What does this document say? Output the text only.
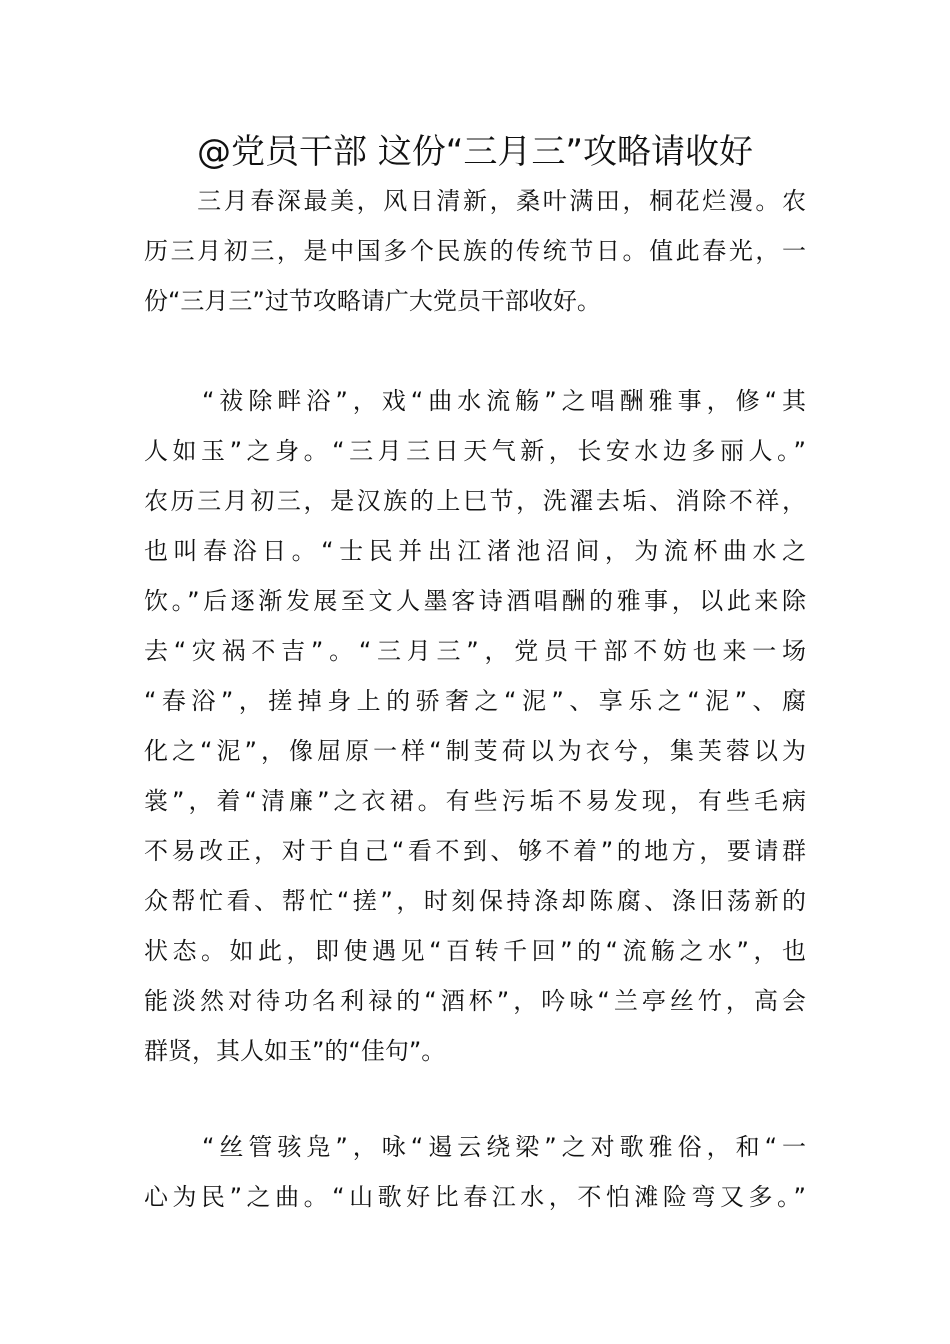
@党员干部 这份“三月三”攻略请收好
　　三月春深最美，风日清新，桑叶满田，桐花烂漫。农
历三月初三，是中国多个民族的传统节日。值此春光，一
份“三月三”过节攻略请广大党员干部收好。
　　“祓除畔浴”，戏“曲水流觞”之唱酬雅事，修“其
人如玉”之身。“三月三日天气新，长安水边多丽人。”
农历三月初三，是汉族的上巳节，洗濯去垢、消除不祥，
也叫春浴日。“士民并出江渚池沼间，为流杯曲水之
饮。”后逐渐发展至文人墨客诗酒唱酬的雅事，以此来除
去“灾祸不吉”。“三月三”，党员干部不妨也来一场
“春浴”，搓掉身上的骄奢之“泥”、享乐之“泥”、腐
化之“泥”，像屈原一样“制芰荷以为衣兮，集芙蓉以为
裳”，着“清廉”之衣裙。有些污垢不易发现，有些毛病
不易改正，对于自己“看不到、够不着”的地方，要请群
众帮忙看、帮忙“搓”，时刻保持涤却陈腐、涤旧荡新的
状态。如此，即使遇见“百转千回”的“流觞之水”，也
能淡然对待功名利禄的“酒杯”，吟咏“兰亭丝竹，高会
群贤，其人如玉”的“佳句”。
　　“丝管骇凫”，咏“遏云绕梁”之对歌雅俗，和“一
心为民”之曲。“山歌好比春江水，不怕滩险弯又多。”
